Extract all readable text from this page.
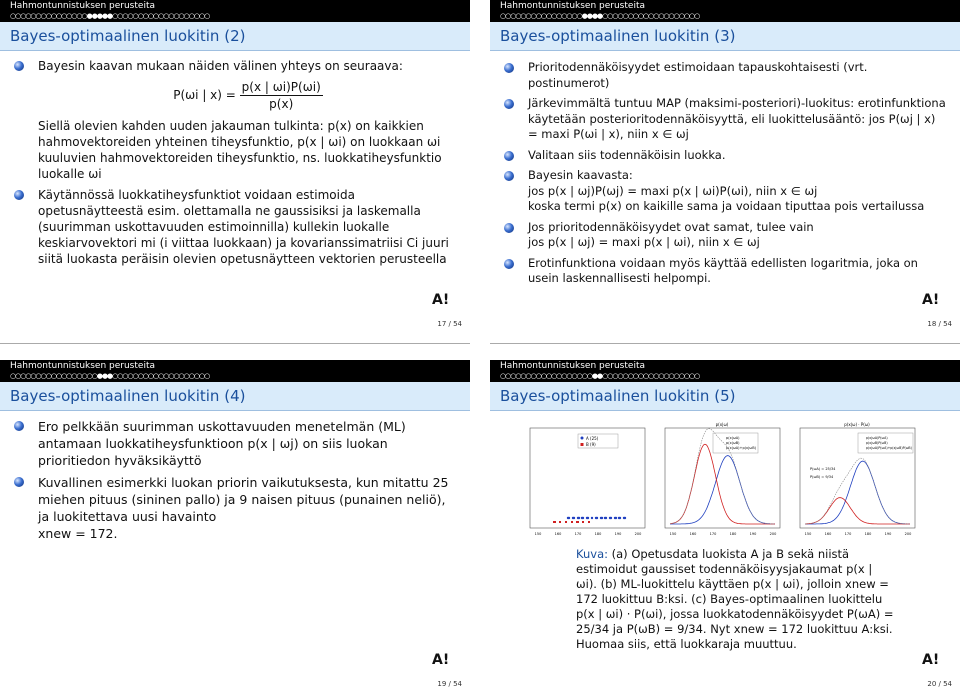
Hahmontunnistuksen perusteita
○○○○○○○○○○○○○○○●●●●●○○○○○○○○○○○○○○○○○○○
Bayes-optimaalinen luokitin (2)

Bayesin kaavan mukaan näiden välinen yhteys on seuraava:

P(ωi | $x) = \frac{p(x | \omega i)P(\omega i)}{p(x)}$

Siellä olevien kahden uuden jakauman tulkinta: p(x) on kaikkien hahmovektoreiden yhteinen tiheysfunktio, p(x | ωi) on luokkaan ωi kuuluvien hahmovektoreiden tiheysfunktio, ns. luokkatiheysfunktio luokalle ωi

Käytännössä luokkatiheysfunktiot voidaan estimoida opetusnäytteestä esim. olettamalla ne gaussisiksi ja laskemalla (suurimman uskottavuuden estimoinnilla) kullekin luokalle keskiarvovektori mi (i viittaa luokkaan) ja kovarianssimatriisi Ci juuri siitä luokasta peräisin olevien opetusnäytteen vektorien perusteella

A!
17 / 54
Hahmontunnistuksen perusteita
○○○○○○○○○○○○○○○○●●●●○○○○○○○○○○○○○○○○○○○
Bayes-optimaalinen luokitin (3)

Prioritodennäköisyydet estimoidaan tapauskohtaisesti (vrt. postinumerot)

Järkevimmältä tuntuu MAP (maksimi-posteriori)-luokitus: erotinfunktiona käytetään posterioritodennäköisyyttä, eli luokittelusääntö: jos P(ωj | x) = maxi P(ωi | x), niin x ∈ ωj

Valitaan siis todennäköisin luokka.

Bayesin kaavasta:
jos p(x | ωj)P(ωj) = maxi p(x | ωi)P(ωi), niin x ∈ ωj
koska termi p(x) on kaikille sama ja voidaan tiputtaa pois vertailussa

Jos prioritodennäköisyydet ovat samat, tulee vain
jos p(x | ωj) = maxi p(x | ωi), niin x ∈ ωj

Erotinfunktiona voidaan myös käyttää edellisten logaritmia, joka on usein laskennallisesti helpompi.

A!
18 / 54
Hahmontunnistuksen perusteita
○○○○○○○○○○○○○○○○○●●●○○○○○○○○○○○○○○○○○○○
Bayes-optimaalinen luokitin (4)

Ero pelkkään suurimman uskottavuuden menetelmän (ML) antamaan luokkatiheysfunktioon p(x | ωj) on siis luokan prioritiedon hyväksikäyttö

Kuvallinen esimerkki luokan priorin vaikutuksesta, kun mitattu 25 miehen pituus (sininen pallo) ja 9 naisen pituus (punainen neliö), ja luokitettava uusi havainto
xnew = 172.

A!
19 / 54
Hahmontunnistuksen perusteita
○○○○○○○○○○○○○○○○○○●●○○○○○○○○○○○○○○○○○○○
Bayes-optimaalinen luokitin (5)
A (25)
B (9)
p(x|ω)
p(x|ωA)
p(x|ωB)
p(x|ωA)+p(x|ωB)
p(x|ω) · P(ω)
p(x|ωA)P(ωA)
p(x|ωB)P(ωB)
p(x|ωA)P(ωA)+p(x|ωB)P(ωB)
P(ωA) = 25/34
P(ωB) = 9/34
150	160	170	180	190	200	150	160	170	180	190	200	150	160	170	180	190	200
Kuva: (a) Opetusdata luokista A ja B sekä niistä estimoidut gaussiset todennäköisyysjakaumat p(x | ωi). (b) ML-luokittelu käyttäen p(x | ωi), jolloin xnew = 172 luokittuu B:ksi. (c) Bayes-optimaalinen luokittelu p(x | ωi) · P(ωi), jossa luokkatodennäköisyydet P(ωA) = 25/34 ja P(ωB) = 9/34. Nyt xnew = 172 luokittuu A:ksi. Huomaa siis, että luokkaraja muuttuu.
A!
20 / 54
